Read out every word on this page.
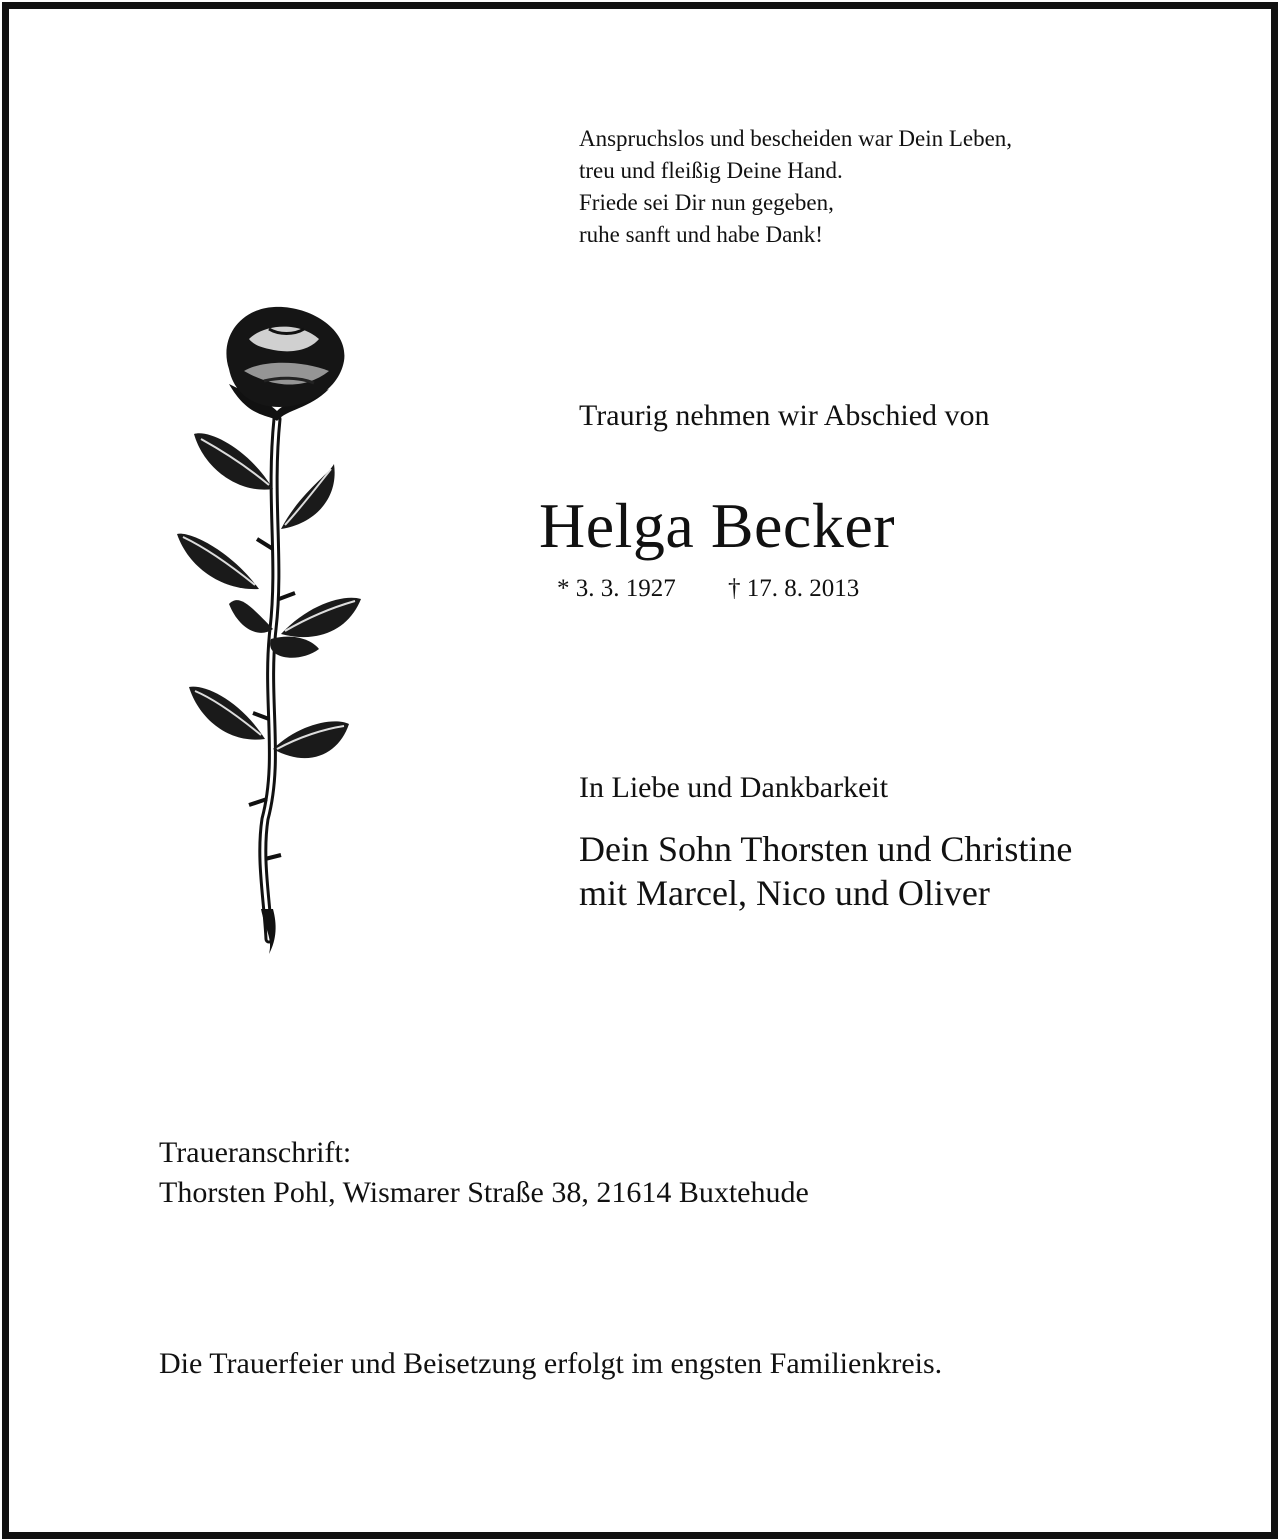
Anspruchslos und bescheiden war Dein Leben,
treu und fleißig Deine Hand.
Friede sei Dir nun gegeben,
ruhe sanft und habe Dank!
Traurig nehmen wir Abschied von
Helga Becker
* 3. 3. 1927 † 17. 8. 2013
In Liebe und Dankbarkeit
Dein Sohn Thorsten und Christine
mit Marcel, Nico und Oliver
Traueranschrift:
Thorsten Pohl, Wismarer Straße 38, 21614 Buxtehude
Die Trauerfeier und Beisetzung erfolgt im engsten Familienkreis.
